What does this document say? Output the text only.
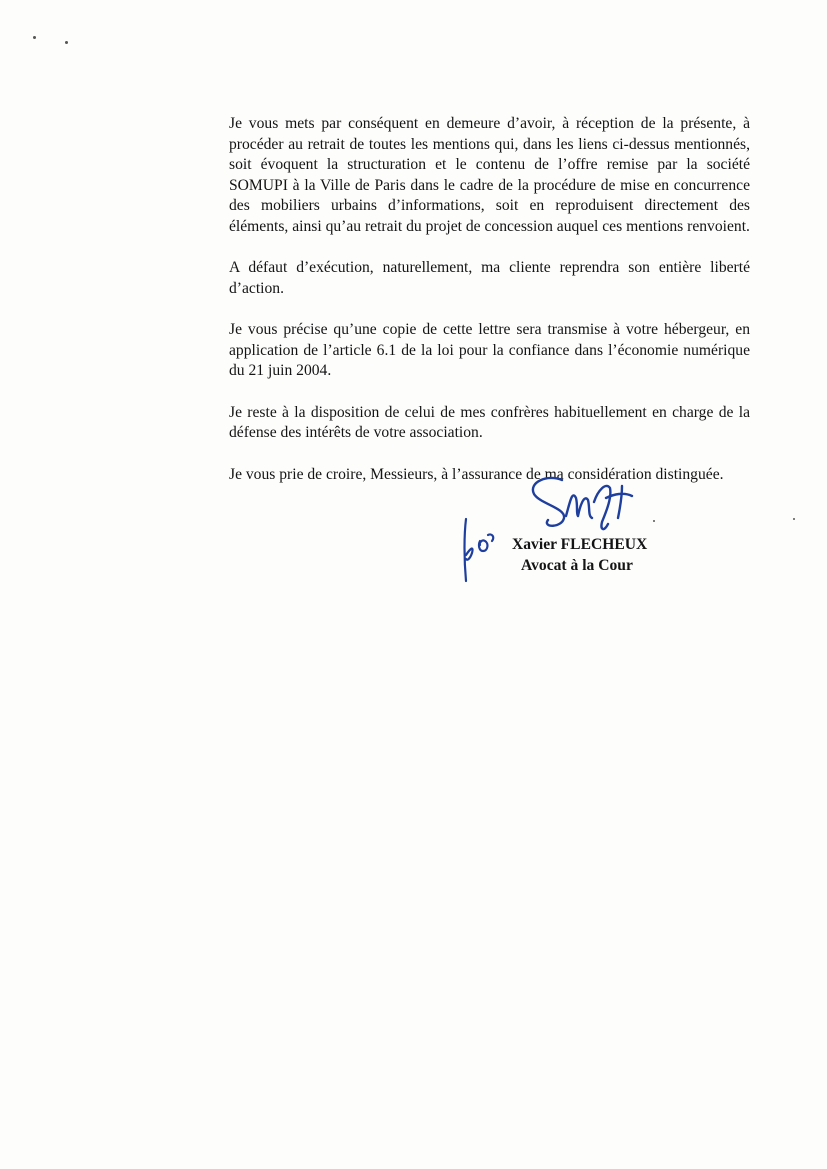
Je vous mets par conséquent en demeure d’avoir, à réception de la présente, à procéder au retrait de toutes les mentions qui, dans les liens ci-dessus mentionnés, soit évoquent la structuration et le contenu de l’offre remise par la société SOMUPI à la Ville de Paris dans le cadre de la procédure de mise en concurrence des mobiliers urbains d’informations, soit en reproduisent directement des éléments, ainsi qu’au retrait du projet de concession auquel ces mentions renvoient.

A défaut d’exécution, naturellement, ma cliente reprendra son entière liberté d’action.

Je vous précise qu’une copie de cette lettre sera transmise à votre hébergeur, en application de l’article 6.1 de la loi pour la confiance dans l’économie numérique du 21 juin 2004.

Je reste à la disposition de celui de mes confrères habituellement en charge de la défense des intérêts de votre association.

Je vous prie de croire, Messieurs, à l’assurance de ma considération distinguée.

Xavier FLECHEUX
Avocat à la Cour
